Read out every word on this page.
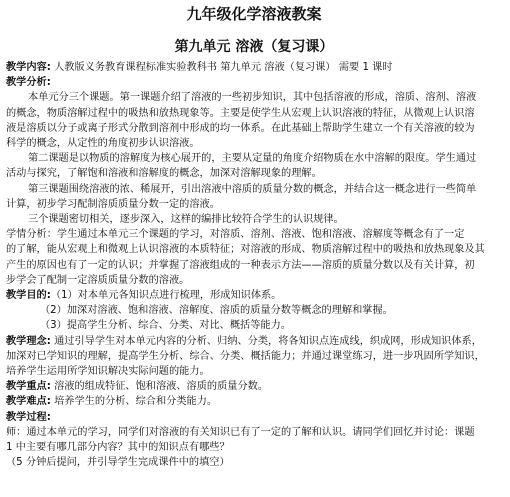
九年级化学溶液教案
第九单元 溶液（复习课）
教学内容: 人教版义务教育课程标准实验教科书 第九单元 溶液（复习课） 需要 1 课时
教学分析:
本单元分三个课题。第一课题介绍了溶液的一些初步知识，其中包括溶液的形成，溶质、溶剂、溶液
的概念，物质溶解过程中的吸热和放热现象等。主要是使学生从宏观上认识溶液的特征，从微观上认识溶
液是溶质以分子或离子形式分散到溶剂中形成的均一体系。在此基础上帮助学生建立一个有关溶液的较为
科学的概念，从定性的角度初步认识溶液。
第二课题是以物质的溶解度为核心展开的，主要从定量的角度介绍物质在水中溶解的限度。学生通过
活动与探究，了解饱和溶液和溶解度的概念，加深对溶解现象的理解。
第三课题围绕溶液的浓、稀展开，引出溶液中溶质的质量分数的概念，并结合这一概念进行一些简单
计算，初步学习配制溶质质量分数一定的溶液。
三个课题密切相关，逐步深入，这样的编排比较符合学生的认识规律。
学情分析：学生通过本单元三个课题的学习，对溶质、溶剂、溶液、饱和溶液、溶解度等概念有了一定
的了解，能从宏观上和微观上认识溶液的本质特征；对溶液的形成、物质溶解过程中的吸热和放热现象及其
产生的原因也有了一定的认识；并掌握了溶液组成的一种表示方法——溶质的质量分数以及有关计算，初
步学会了配制一定溶质质量分数的溶液。
教学目的:（1）对本单元各知识点进行梳理，形成知识体系。
（2）加深对溶液、饱和溶液、溶解度、溶质的质量分数等概念的理解和掌握。
（3）提高学生分析、综合、分类、对比、概括等能力。
教学理念: 通过引导学生对本单元内容的分析、归纳、分类，将各知识点连成线，织成网，形成知识体系，
加深对已学知识的理解，提高学生分析、综合、分类、概括能力；并通过课堂练习，进一步巩固所学知识，
培养学生运用所学知识解决实际问题的能力。
教学重点: 溶液的组成特征、饱和溶液、溶质的质量分数。
教学难点: 培养学生的分析、综合和分类能力。
教学过程:
师：通过本单元的学习，同学们对溶液的有关知识已有了一定的了解和认识。请同学们回忆并讨论：课题
1 中主要有哪几部分内容？其中的知识点有哪些？
（5 分钟后提问，并引导学生完成课件中的填空）
